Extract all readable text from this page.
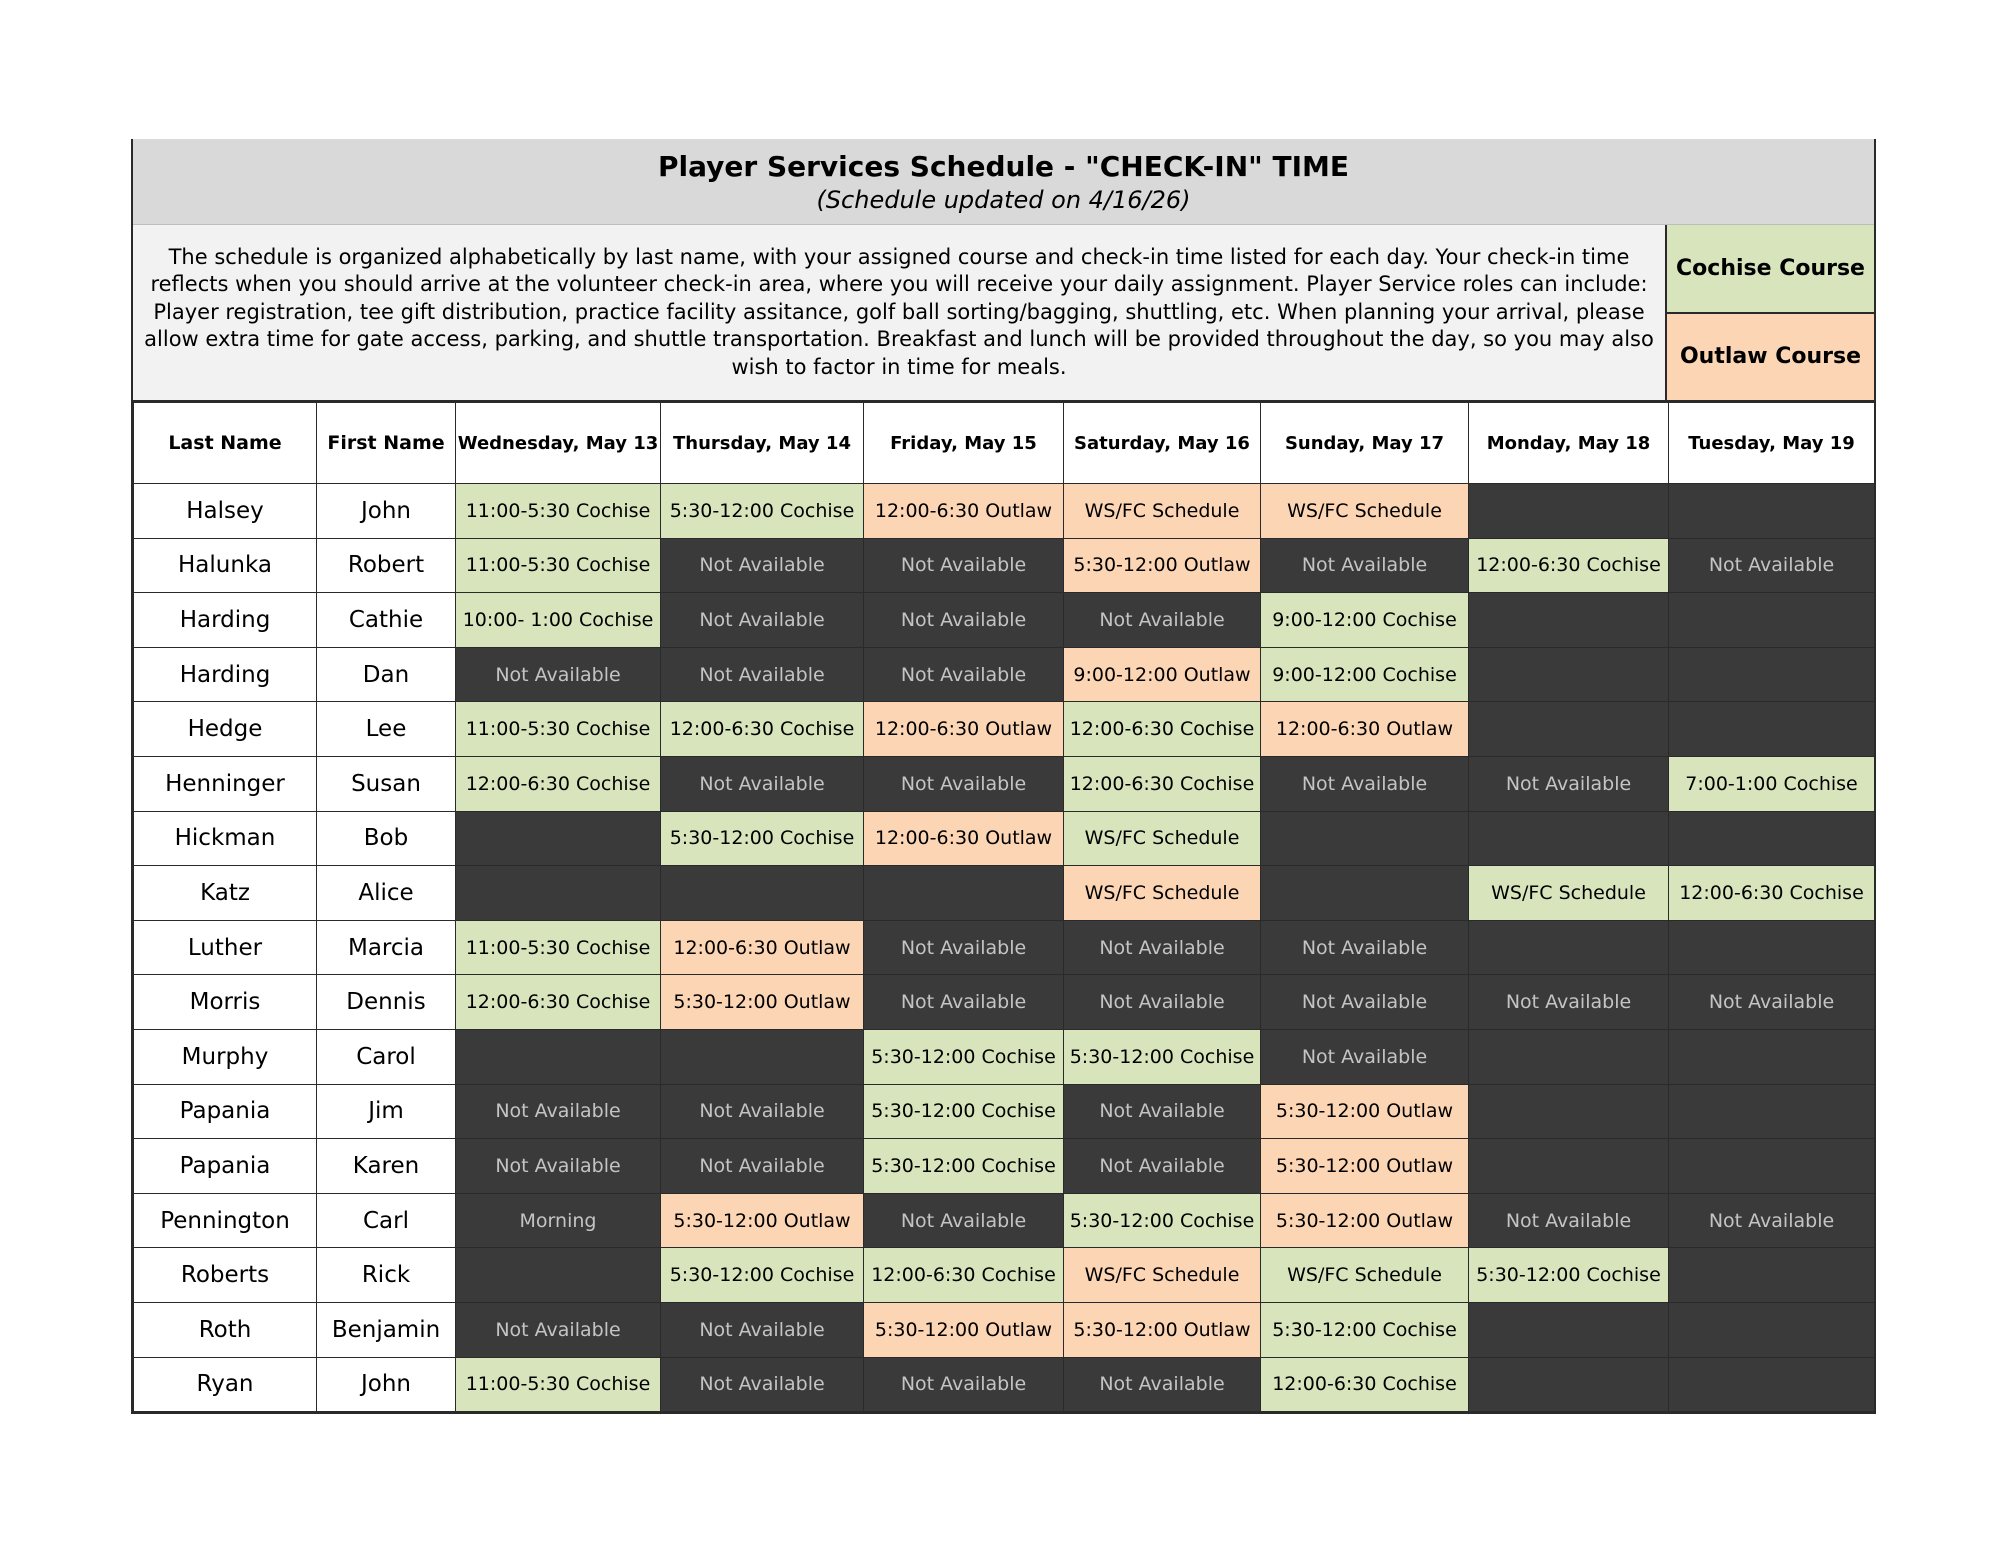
Player Services Schedule - "CHECK-IN" TIME
(Schedule updated on 4/16/26)
The schedule is organized alphabetically by last name, with your assigned course and check-in time listed for each day. Your check-in time reflects when you should arrive at the volunteer check-in area, where you will receive your daily assignment. Player Service roles can include: Player registration, tee gift distribution, practice facility assitance, golf ball sorting/bagging, shuttling, etc. When planning your arrival, please allow extra time for gate access, parking, and shuttle transportation. Breakfast and lunch will be provided throughout the day, so you may also wish to factor in time for meals.
Cochise Course
Outlaw Course
Last Name	First Name	Wednesday, May 13	Thursday, May 14	Friday, May 15	Saturday, May 16	Sunday, May 17	Monday, May 18	Tuesday, May 19
Halsey	John	11:00-5:30 Cochise	5:30-12:00 Cochise	12:00-6:30 Outlaw	WS/FC Schedule	WS/FC Schedule		
Halunka	Robert	11:00-5:30 Cochise	Not Available	Not Available	5:30-12:00 Outlaw	Not Available	12:00-6:30 Cochise	Not Available
Harding	Cathie	10:00- 1:00 Cochise	Not Available	Not Available	Not Available	9:00-12:00 Cochise		
Harding	Dan	Not Available	Not Available	Not Available	9:00-12:00 Outlaw	9:00-12:00 Cochise		
Hedge	Lee	11:00-5:30 Cochise	12:00-6:30 Cochise	12:00-6:30 Outlaw	12:00-6:30 Cochise	12:00-6:30 Outlaw		
Henninger	Susan	12:00-6:30 Cochise	Not Available	Not Available	12:00-6:30 Cochise	Not Available	Not Available	7:00-1:00 Cochise
Hickman	Bob		5:30-12:00 Cochise	12:00-6:30 Outlaw	WS/FC Schedule			
Katz	Alice				WS/FC Schedule		WS/FC Schedule	12:00-6:30 Cochise
Luther	Marcia	11:00-5:30 Cochise	12:00-6:30 Outlaw	Not Available	Not Available	Not Available		
Morris	Dennis	12:00-6:30 Cochise	5:30-12:00 Outlaw	Not Available	Not Available	Not Available	Not Available	Not Available
Murphy	Carol			5:30-12:00 Cochise	5:30-12:00 Cochise	Not Available		
Papania	Jim	Not Available	Not Available	5:30-12:00 Cochise	Not Available	5:30-12:00 Outlaw		
Papania	Karen	Not Available	Not Available	5:30-12:00 Cochise	Not Available	5:30-12:00 Outlaw		
Pennington	Carl	Morning	5:30-12:00 Outlaw	Not Available	5:30-12:00 Cochise	5:30-12:00 Outlaw	Not Available	Not Available
Roberts	Rick		5:30-12:00 Cochise	12:00-6:30 Cochise	WS/FC Schedule	WS/FC Schedule	5:30-12:00 Cochise	
Roth	Benjamin	Not Available	Not Available	5:30-12:00 Outlaw	5:30-12:00 Outlaw	5:30-12:00 Cochise		
Ryan	John	11:00-5:30 Cochise	Not Available	Not Available	Not Available	12:00-6:30 Cochise		
